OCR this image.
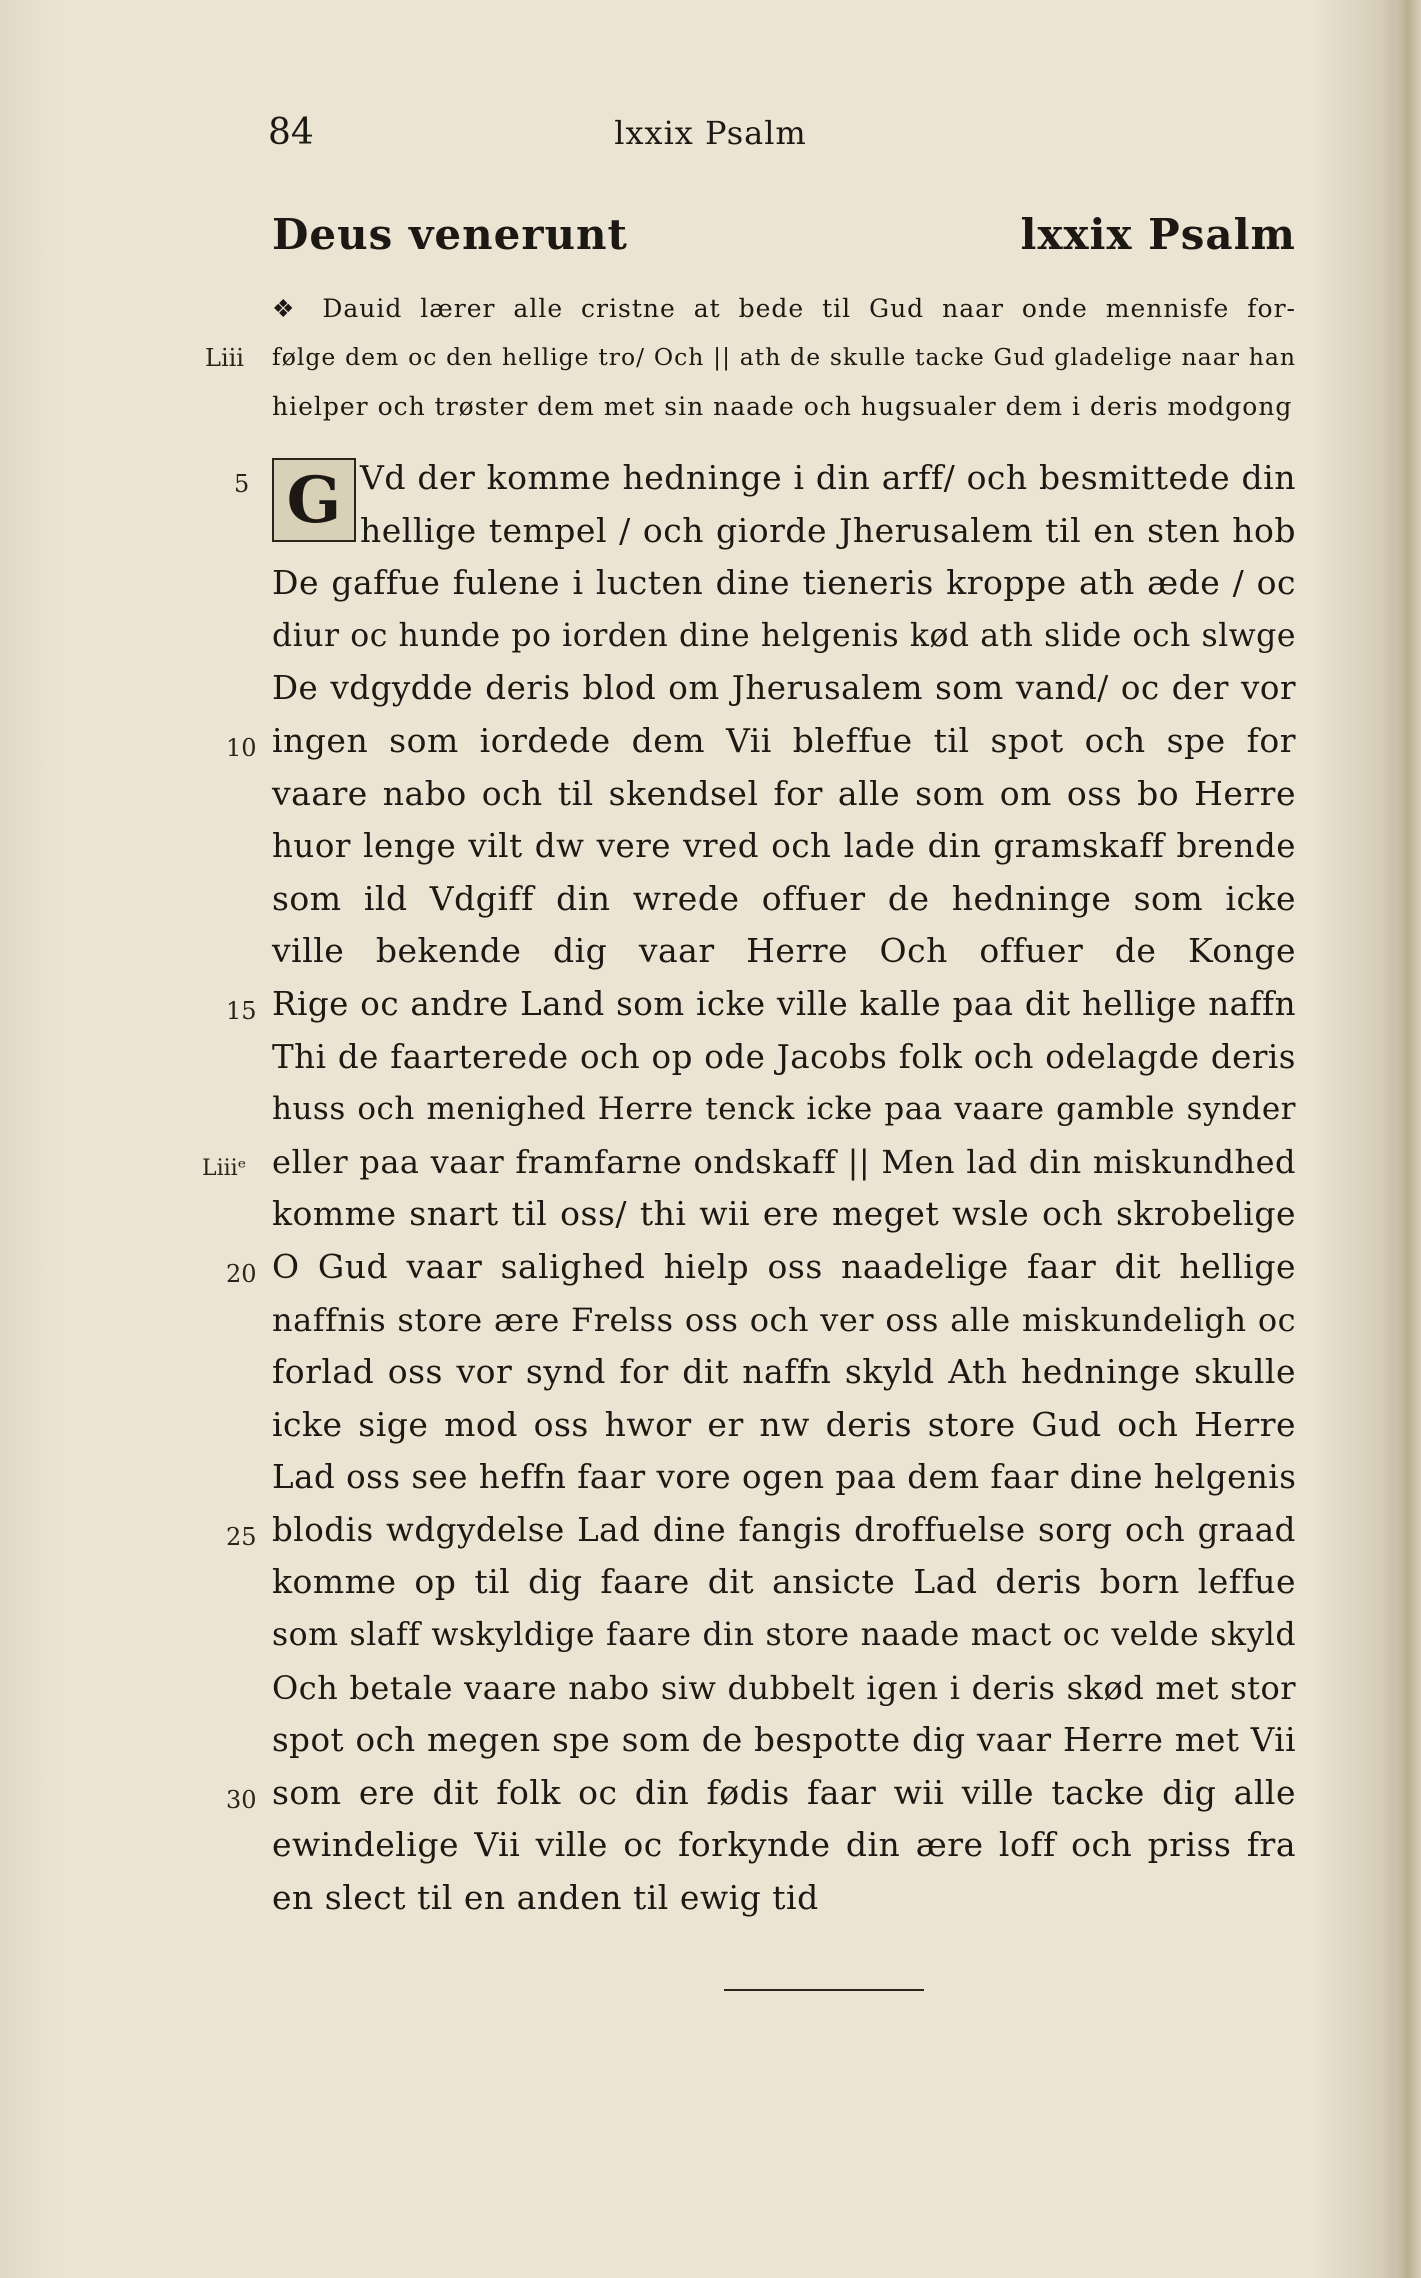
84	lxxix Psalm
Deus venerunt	lxxix Psalm
❖ Dauid lærer alle cristne at bede til Gud naar onde mennisfe for-
følge dem oc den hellige tro/ Och || ath de skulle tacke Gud gladelige naar han
hielper och trøster dem met sin naade och hugsualer dem i deris modgong
Liii
G Vd der komme hedninge i din arff/ och besmittede din
hellige tempel / och giorde Jherusalem til en sten hob
De gaffue fulene i lucten dine tieneris kroppe ath æde / oc
diur oc hunde po iorden dine helgenis kød ath slide och slwge
De vdgydde deris blod om Jherusalem som vand/ oc der vor
ingen som iordede dem Vii bleffue til spot och spe for
vaare nabo och til skendsel for alle som om oss bo Herre
huor lenge vilt dw vere vred och lade din gramskaff brende
som ild Vdgiff din wrede offuer de hedninge som icke
ville bekende dig vaar Herre Och offuer de Konge
Rige oc andre Land som icke ville kalle paa dit hellige naffn
Thi de faarterede och op ode Jacobs folk och odelagde deris
huss och menighed Herre tenck icke paa vaare gamble synder
eller paa vaar framfarne ondskaff || Men lad din miskundhed
komme snart til oss/ thi wii ere meget wsle och skrobelige
O Gud vaar salighed hielp oss naadelige faar dit hellige
naffnis store ære Frelss oss och ver oss alle miskundeligh oc
forlad oss vor synd for dit naffn skyld Ath hedninge skulle
icke sige mod oss hwor er nw deris store Gud och Herre
Lad oss see heffn faar vore ogen paa dem faar dine helgenis
blodis wdgydelse Lad dine fangis droffuelse sorg och graad
komme op til dig faare dit ansicte Lad deris born leffue
som slaff wskyldige faare din store naade mact oc velde skyld
Och betale vaare nabo siw dubbelt igen i deris skød met stor
spot och megen spe som de bespotte dig vaar Herre met Vii
som ere dit folk oc din fødis faar wii ville tacke dig alle
ewindelige Vii ville oc forkynde din ære loff och priss fra
en slect til en anden til ewig tid
5
10
15
Liiiᵉ
20
25
30
